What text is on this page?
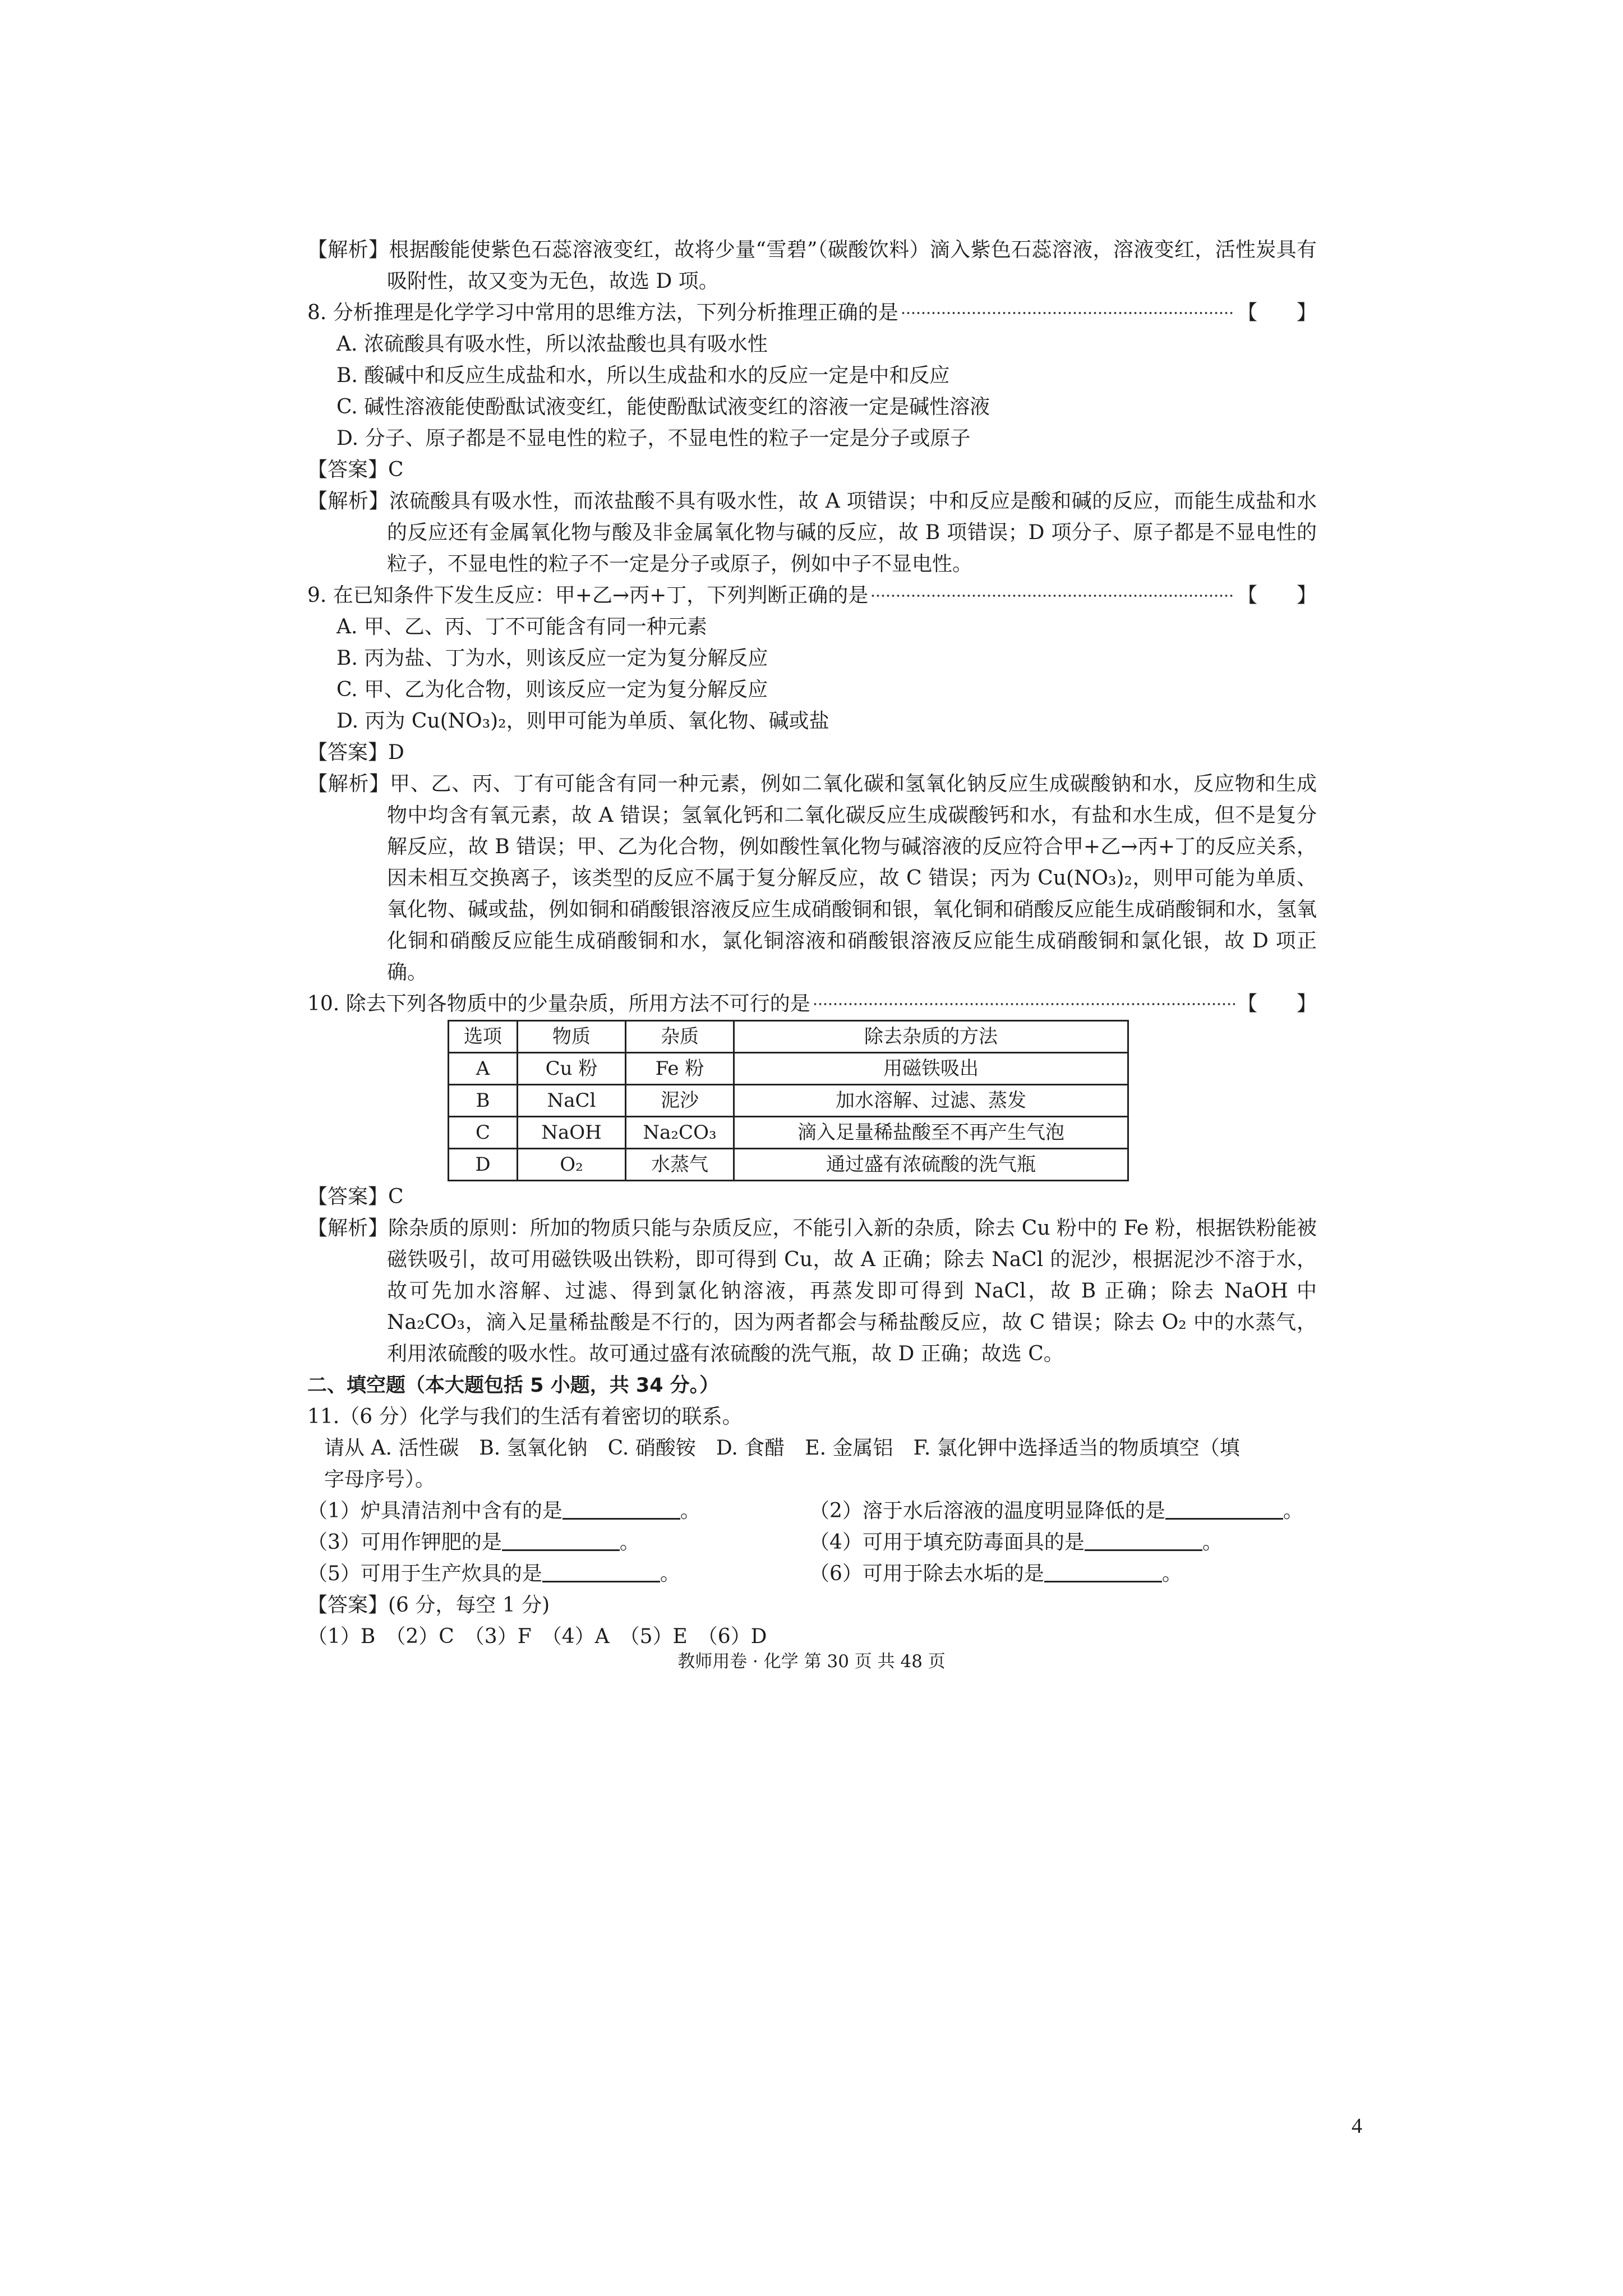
【解析】根据酸能使紫色石蕊溶液变红，故将少量“雪碧”（碳酸饮料）滴入紫色石蕊溶液，溶液变红，活性炭具有吸附性，故又变为无色，故选 D 项。
8. 分析推理是化学学习中常用的思维方法，下列分析推理正确的是	【 】
A. 浓硫酸具有吸水性，所以浓盐酸也具有吸水性
B. 酸碱中和反应生成盐和水，所以生成盐和水的反应一定是中和反应
C. 碱性溶液能使酚酞试液变红，能使酚酞试液变红的溶液一定是碱性溶液
D. 分子、原子都是不显电性的粒子，不显电性的粒子一定是分子或原子
【答案】C
【解析】浓硫酸具有吸水性，而浓盐酸不具有吸水性，故 A 项错误；中和反应是酸和碱的反应，而能生成盐和水的反应还有金属氧化物与酸及非金属氧化物与碱的反应，故 B 项错误；D 项分子、原子都是不显电性的粒子，不显电性的粒子不一定是分子或原子，例如中子不显电性。
9. 在已知条件下发生反应：甲+乙→丙+丁，下列判断正确的是	【 】
A. 甲、乙、丙、丁不可能含有同一种元素
B. 丙为盐、丁为水，则该反应一定为复分解反应
C. 甲、乙为化合物，则该反应一定为复分解反应
D. 丙为 Cu(NO₃)₂，则甲可能为单质、氧化物、碱或盐
【答案】D
【解析】甲、乙、丙、丁有可能含有同一种元素，例如二氧化碳和氢氧化钠反应生成碳酸钠和水，反应物和生成物中均含有氧元素，故 A 错误；氢氧化钙和二氧化碳反应生成碳酸钙和水，有盐和水生成，但不是复分解反应，故 B 错误；甲、乙为化合物，例如酸性氧化物与碱溶液的反应符合甲+乙→丙+丁的反应关系，因未相互交换离子，该类型的反应不属于复分解反应，故 C 错误；丙为 Cu(NO₃)₂，则甲可能为单质、氧化物、碱或盐，例如铜和硝酸银溶液反应生成硝酸铜和银，氧化铜和硝酸反应能生成硝酸铜和水，氢氧化铜和硝酸反应能生成硝酸铜和水，氯化铜溶液和硝酸银溶液反应能生成硝酸铜和氯化银，故 D 项正确。
10. 除去下列各物质中的少量杂质，所用方法不可行的是	【 】
选项	物质	杂质	除去杂质的方法
A	Cu 粉	Fe 粉	用磁铁吸出
B	NaCl	泥沙	加水溶解、过滤、蒸发
C	NaOH	Na₂CO₃	滴入足量稀盐酸至不再产生气泡
D	O₂	水蒸气	通过盛有浓硫酸的洗气瓶
【答案】C
【解析】除杂质的原则：所加的物质只能与杂质反应，不能引入新的杂质，除去 Cu 粉中的 Fe 粉，根据铁粉能被磁铁吸引，故可用磁铁吸出铁粉，即可得到 Cu，故 A 正确；除去 NaCl 的泥沙，根据泥沙不溶于水，故可先加水溶解、过滤、得到氯化钠溶液，再蒸发即可得到 NaCl，故 B 正确；除去 NaOH 中 Na₂CO₃，滴入足量稀盐酸是不行的，因为两者都会与稀盐酸反应，故 C 错误；除去 O₂ 中的水蒸气，利用浓硫酸的吸水性。故可通过盛有浓硫酸的洗气瓶，故 D 正确；故选 C。
二、填空题（本大题包括 5 小题，共 34 分。）
11.（6 分）化学与我们的生活有着密切的联系。
请从 A. 活性碳　B. 氢氧化钠　C. 硝酸铵　D. 食醋　E. 金属铝　F. 氯化钾中选择适当的物质填空（填
字母序号）。
（1）炉具清洁剂中含有的是	。	（2）溶于水后溶液的温度明显降低的是	。
（3）可用作钾肥的是	。	（4）可用于填充防毒面具的是	。
（5）可用于生产炊具的是	。	（6）可用于除去水垢的是	。
【答案】(6 分，每空 1 分)
（1）B　（2）C　（3）F　（4）A　（5）E　（6）D
教师用卷 · 化学 第 30 页 共 48 页
4
